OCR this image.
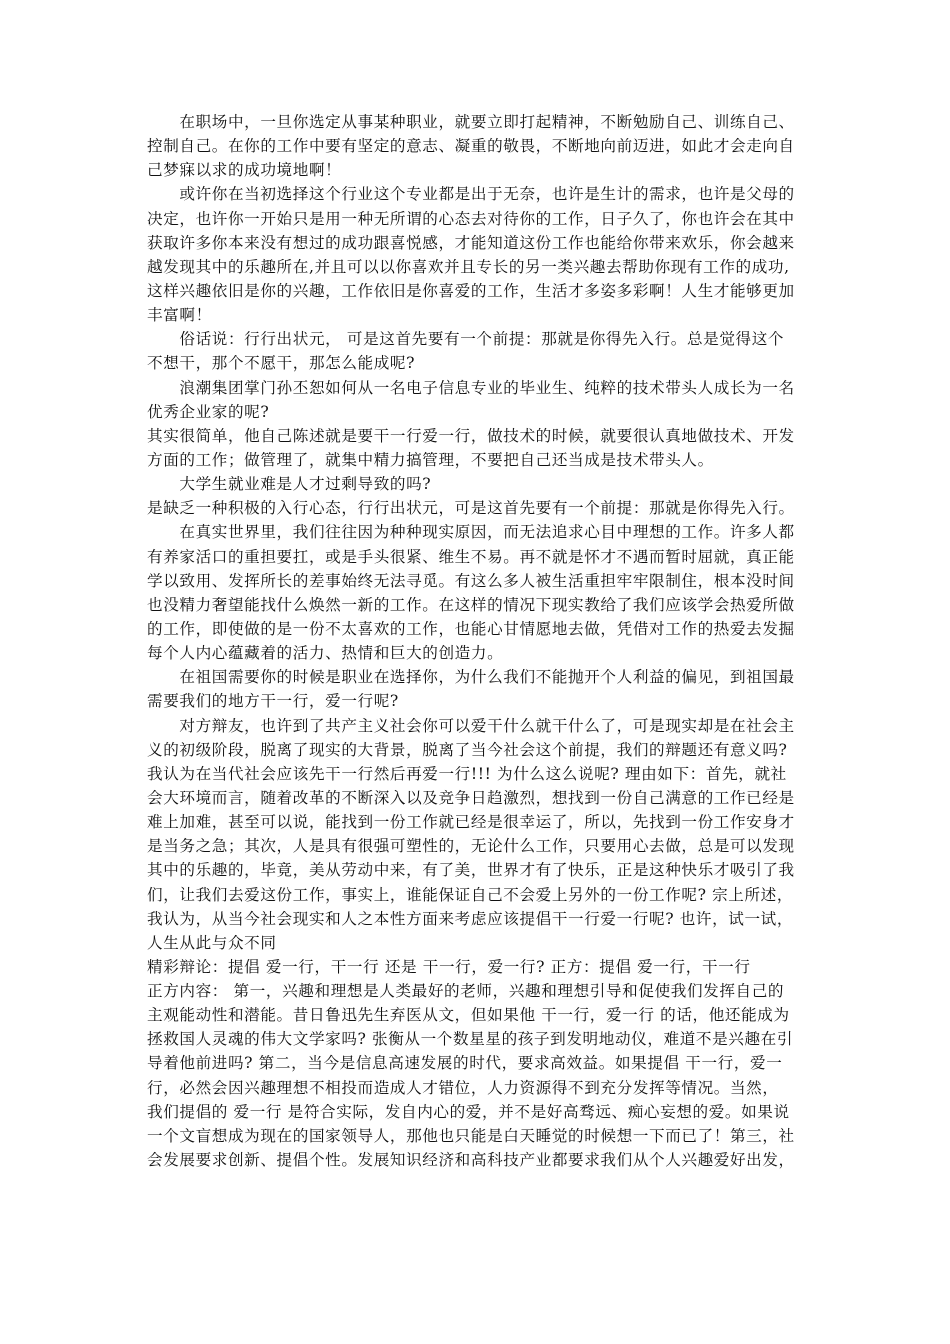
　　在职场中，一旦你选定从事某种职业，就要立即打起精神，不断勉励自己、训练自己、
控制自己。在你的工作中要有坚定的意志、凝重的敬畏，不断地向前迈进，如此才会走向自
己梦寐以求的成功境地啊！
　　或许你在当初选择这个行业这个专业都是出于无奈，也许是生计的需求，也许是父母的
决定，也许你一开始只是用一种无所谓的心态去对待你的工作，日子久了，你也许会在其中
获取许多你本来没有想过的成功跟喜悦感，才能知道这份工作也能给你带来欢乐，你会越来
越发现其中的乐趣所在,并且可以以你喜欢并且专长的另一类兴趣去帮助你现有工作的成功,
这样兴趣依旧是你的兴趣，工作依旧是你喜爱的工作，生活才多姿多彩啊！人生才能够更加
丰富啊！
　　俗话说：行行出状元， 可是这首先要有一个前提：那就是你得先入行。总是觉得这个
不想干，那个不愿干，那怎么能成呢?
　　浪潮集团掌门孙丕恕如何从一名电子信息专业的毕业生、纯粹的技术带头人成长为一名
优秀企业家的呢?
其实很简单，他自己陈述就是要干一行爱一行，做技术的时候，就要很认真地做技术、开发
方面的工作；做管理了，就集中精力搞管理，不要把自己还当成是技术带头人。
　　大学生就业难是人才过剩导致的吗?
是缺乏一种积极的入行心态，行行出状元，可是这首先要有一个前提：那就是你得先入行。
　　在真实世界里，我们往往因为种种现实原因，而无法追求心目中理想的工作。许多人都
有养家活口的重担要扛，或是手头很紧、维生不易。再不就是怀才不遇而暂时屈就，真正能
学以致用、发挥所长的差事始终无法寻觅。有这么多人被生活重担牢牢限制住，根本没时间
也没精力奢望能找什么焕然一新的工作。在这样的情况下现实教给了我们应该学会热爱所做
的工作，即使做的是一份不太喜欢的工作，也能心甘情愿地去做，凭借对工作的热爱去发掘
每个人内心蕴藏着的活力、热情和巨大的创造力。
　　在祖国需要你的时候是职业在选择你，为什么我们不能抛开个人利益的偏见，到祖国最
需要我们的地方干一行，爱一行呢?
　　对方辩友，也许到了共产主义社会你可以爱干什么就干什么了，可是现实却是在社会主
义的初级阶段，脱离了现实的大背景，脱离了当今社会这个前提，我们的辩题还有意义吗?
我认为在当代社会应该先干一行然后再爱一行!!! 为什么这么说呢? 理由如下：首先，就社
会大环境而言，随着改革的不断深入以及竞争日趋激烈，想找到一份自己满意的工作已经是
难上加难，甚至可以说，能找到一份工作就已经是很幸运了，所以，先找到一份工作安身才
是当务之急；其次，人是具有很强可塑性的，无论什么工作，只要用心去做，总是可以发现
其中的乐趣的，毕竟，美从劳动中来，有了美，世界才有了快乐，正是这种快乐才吸引了我
们，让我们去爱这份工作，事实上，谁能保证自己不会爱上另外的一份工作呢? 宗上所述，
我认为，从当今社会现实和人之本性方面来考虑应该提倡干一行爱一行呢? 也许，试一试，
人生从此与众不同
精彩辩论：提倡 爱一行，干一行 还是 干一行，爱一行? 正方：提倡 爱一行，干一行
正方内容： 第一，兴趣和理想是人类最好的老师，兴趣和理想引导和促使我们发挥自己的
主观能动性和潜能。昔日鲁迅先生弃医从文，但如果他 干一行，爱一行 的话，他还能成为
拯救国人灵魂的伟大文学家吗? 张衡从一个数星星的孩子到发明地动仪，难道不是兴趣在引
导着他前进吗? 第二，当今是信息高速发展的时代，要求高效益。如果提倡 干一行，爱一
行，必然会因兴趣理想不相投而造成人才错位，人力资源得不到充分发挥等情况。当然，
我们提倡的 爱一行 是符合实际，发自内心的爱，并不是好高骛远、痴心妄想的爱。如果说
一个文盲想成为现在的国家领导人，那他也只能是白天睡觉的时候想一下而已了！第三，社
会发展要求创新、提倡个性。发展知识经济和高科技产业都要求我们从个人兴趣爱好出发，
